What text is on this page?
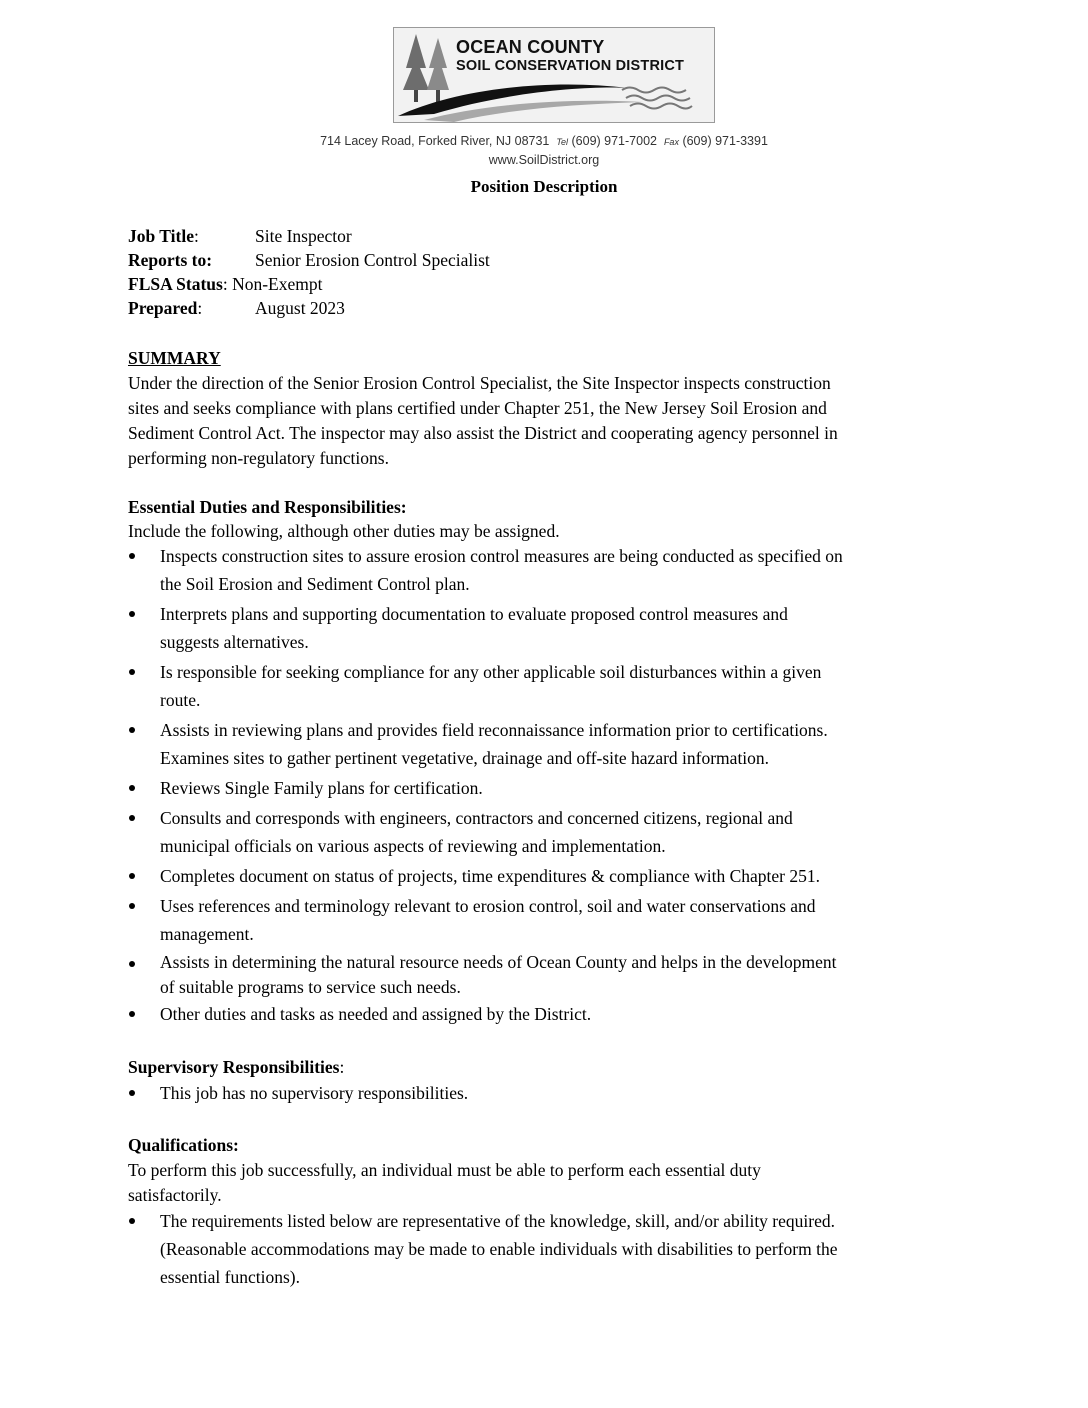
OCEAN COUNTY
SOIL CONSERVATION DISTRICT
714 Lacey Road, Forked River, NJ 08731 Tel (609) 971-7002 Fax (609) 971-3391
www.SoilDistrict.org
Position Description
Job Title:	Site Inspector
Reports to: Senior Erosion Control Specialist
FLSA Status: Non-Exempt
Prepared:	August 2023
SUMMARY
Under the direction of the Senior Erosion Control Specialist, the Site Inspector inspects construction
sites and seeks compliance with plans certified under Chapter 251, the New Jersey Soil Erosion and
Sediment Control Act. The inspector may also assist the District and cooperating agency personnel in
performing non-regulatory functions.
Essential Duties and Responsibilities:
Include the following, although other duties may be assigned.
Inspects construction sites to assure erosion control measures are being conducted as specified on
the Soil Erosion and Sediment Control plan.
Interprets plans and supporting documentation to evaluate proposed control measures and
suggests alternatives.
Is responsible for seeking compliance for any other applicable soil disturbances within a given
route.
Assists in reviewing plans and provides field reconnaissance information prior to certifications.
Examines sites to gather pertinent vegetative, drainage and off-site hazard information.
Reviews Single Family plans for certification.
Consults and corresponds with engineers, contractors and concerned citizens, regional and
municipal officials on various aspects of reviewing and implementation.
Completes document on status of projects, time expenditures & compliance with Chapter 251.
Uses references and terminology relevant to erosion control, soil and water conservations and
management.
Assists in determining the natural resource needs of Ocean County and helps in the development
of suitable programs to service such needs.
Other duties and tasks as needed and assigned by the District.
Supervisory Responsibilities:
This job has no supervisory responsibilities.
Qualifications:
To perform this job successfully, an individual must be able to perform each essential duty
satisfactorily.
The requirements listed below are representative of the knowledge, skill, and/or ability required.
(Reasonable accommodations may be made to enable individuals with disabilities to perform the
essential functions).
